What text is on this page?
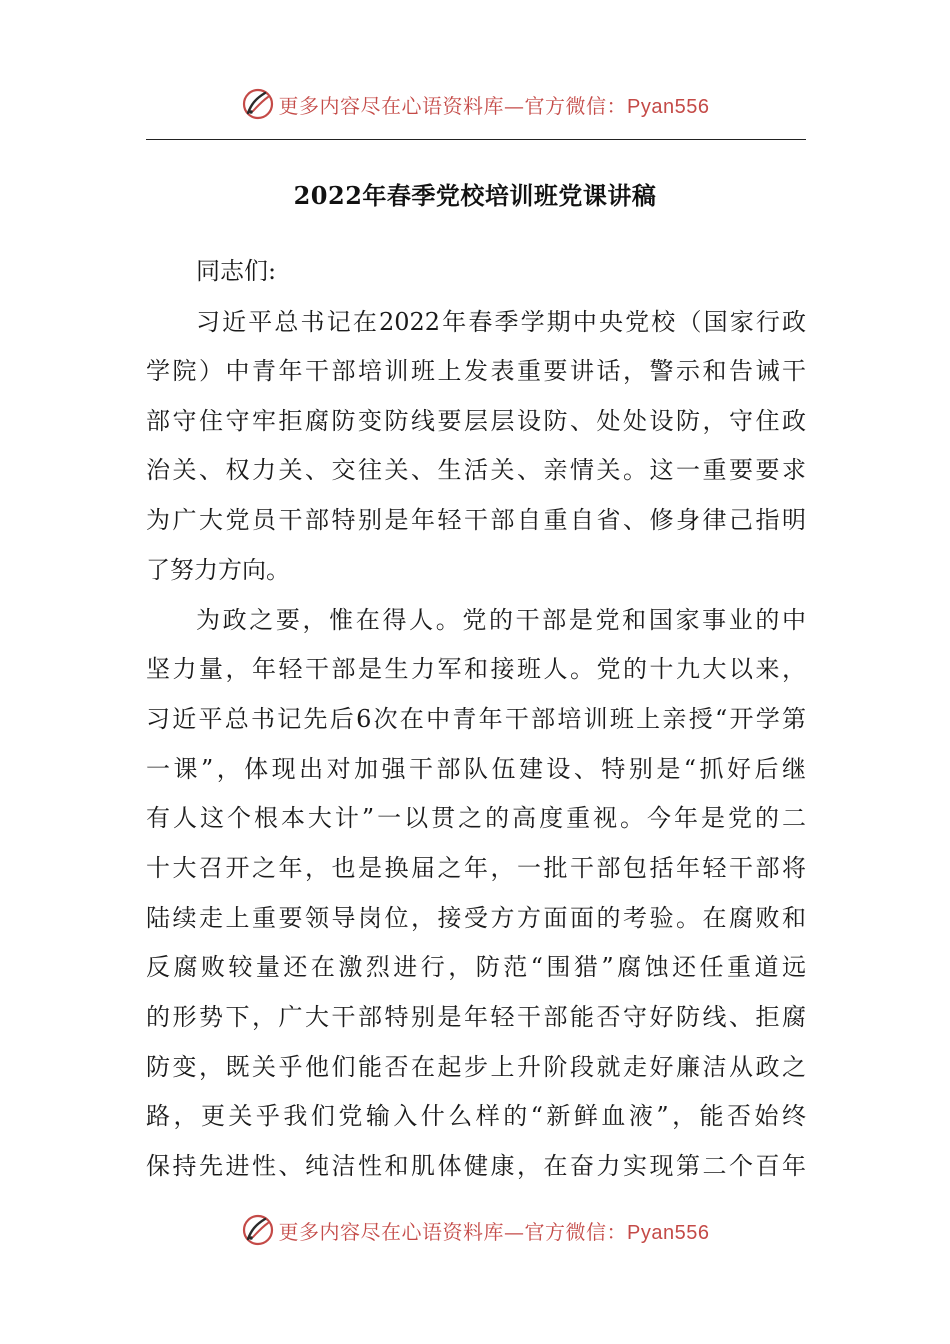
更多内容尽在心语资料库—官方微信：Pyan556
2022年春季党校培训班党课讲稿
同志们:
习近平总书记在2022年春季学期中央党校（国家行政
学院）中青年干部培训班上发表重要讲话，警示和告诫干
部守住守牢拒腐防变防线要层层设防、处处设防，守住政
治关、权力关、交往关、生活关、亲情关。这一重要要求
为广大党员干部特别是年轻干部自重自省、修身律己指明
了努力方向。
为政之要，惟在得人。党的干部是党和国家事业的中
坚力量，年轻干部是生力军和接班人。党的十九大以来，
习近平总书记先后6次在中青年干部培训班上亲授“开学第
一课”，体现出对加强干部队伍建设、特别是“抓好后继
有人这个根本大计”一以贯之的高度重视。今年是党的二
十大召开之年，也是换届之年，一批干部包括年轻干部将
陆续走上重要领导岗位，接受方方面面的考验。在腐败和
反腐败较量还在激烈进行，防范“围猎”腐蚀还任重道远
的形势下，广大干部特别是年轻干部能否守好防线、拒腐
防变，既关乎他们能否在起步上升阶段就走好廉洁从政之
路，更关乎我们党输入什么样的“新鲜血液”，能否始终
保持先进性、纯洁性和肌体健康，在奋力实现第二个百年
更多内容尽在心语资料库—官方微信：Pyan556
